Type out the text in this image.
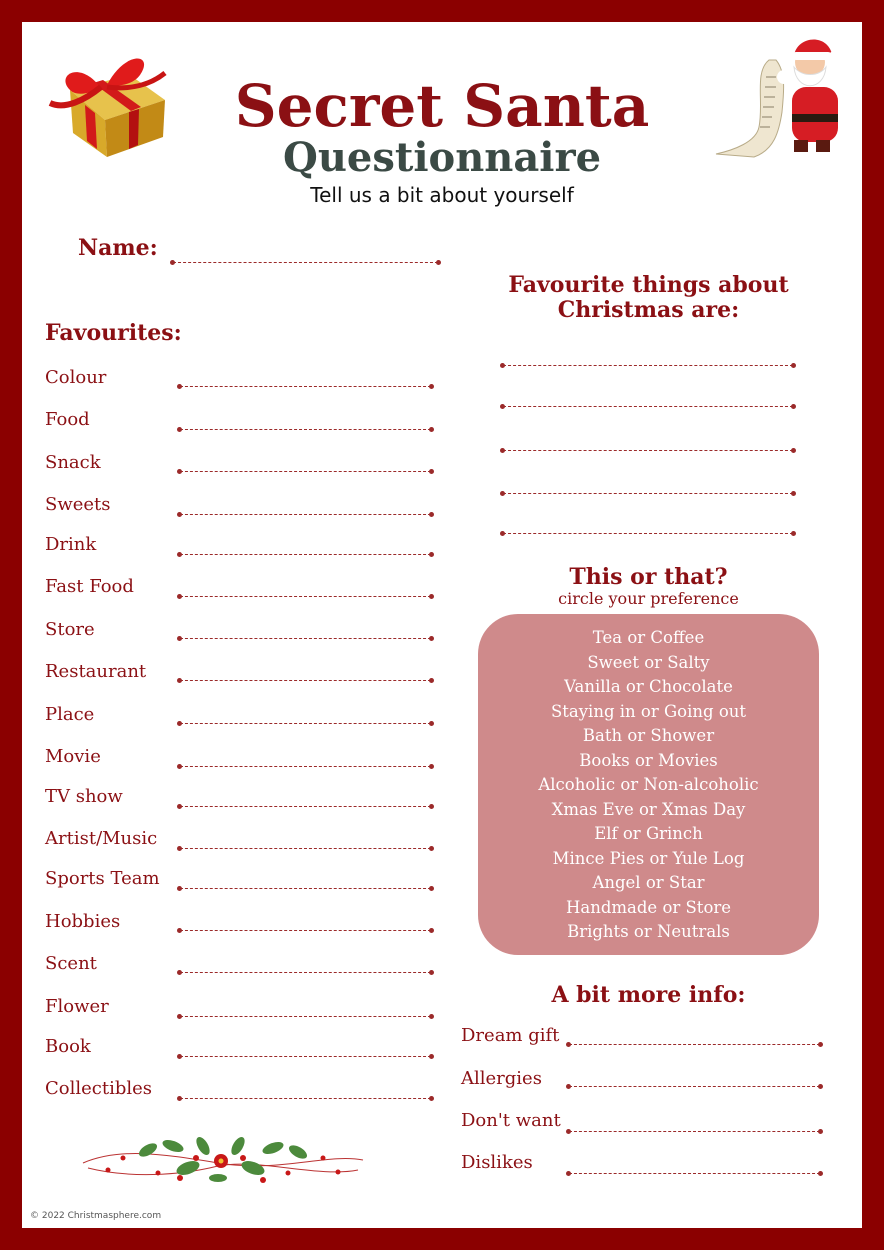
Secret Santa
Questionnaire
Tell us a bit about yourself
Name:
Favourites:
Colour
Food
Snack
Sweets
Drink
Fast Food
Store
Restaurant
Place
Movie
TV show
Artist/Music
Sports Team
Hobbies
Scent
Flower
Book
Collectibles
Favourite things about
Christmas are:
This or that?
circle your preference
Tea or Coffee
Sweet or Salty
Vanilla or Chocolate
Staying in or Going out
Bath or Shower
Books or Movies
Alcoholic or Non-alcoholic
Xmas Eve or Xmas Day
Elf or Grinch
Mince Pies or Yule Log
Angel or Star
Handmade or Store
Brights or Neutrals
A bit more info:
Dream gift
Allergies
Don't want
Dislikes
© 2022 Christmasphere.com
